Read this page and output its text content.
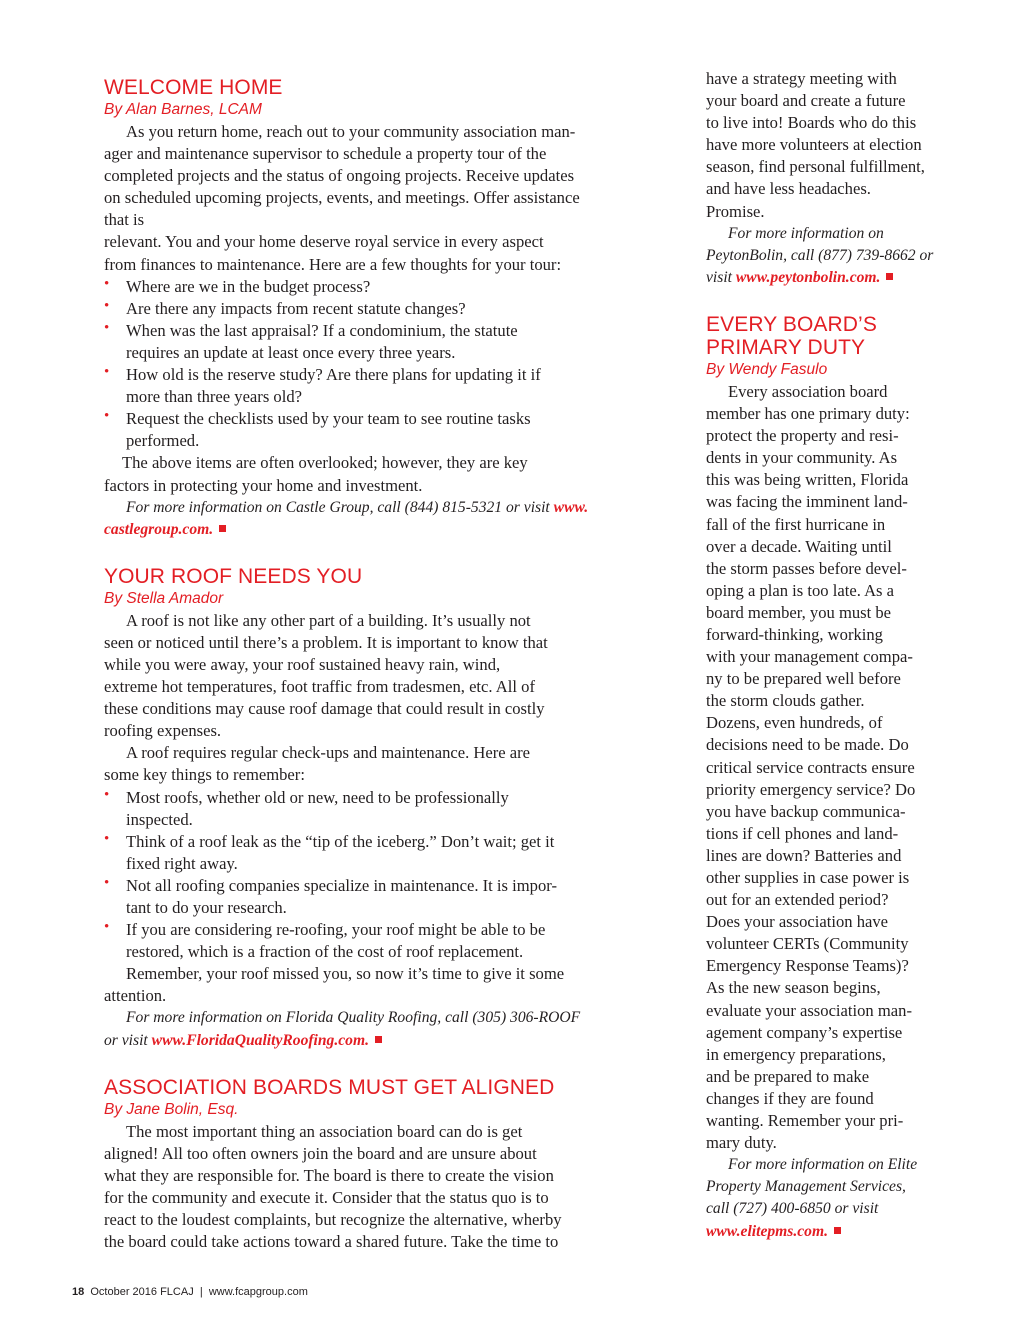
WELCOME HOME

By Alan Barnes, LCAM

As you return home, reach out to your community association man-

ager and maintenance supervisor to schedule a property tour of the

completed projects and the status of ongoing projects. Receive updates

on scheduled upcoming projects, events, and meetings. Offer assistance

that is

relevant. You and your home deserve royal service in every aspect

from finances to maintenance. Here are a few thoughts for your tour:

• Where are we in the budget process?

• Are there any impacts from recent statute changes?

• When was the last appraisal? If a condominium, the statute

requires an update at least once every three years.

• How old is the reserve study? Are there plans for updating it if

more than three years old?

• Request the checklists used by your team to see routine tasks

performed.

The above items are often overlooked; however, they are key

factors in protecting your home and investment.

For more information on Castle Group, call (844) 815-5321 or visit www.

castlegroup.com.

YOUR ROOF NEEDS YOU

By Stella Amador

A roof is not like any other part of a building. It’s usually not

seen or noticed until there’s a problem. It is important to know that

while you were away, your roof sustained heavy rain, wind,

extreme hot temperatures, foot traffic from tradesmen, etc. All of

these conditions may cause roof damage that could result in costly

roofing expenses.

A roof requires regular check-ups and maintenance. Here are

some key things to remember:

• Most roofs, whether old or new, need to be professionally

inspected.

• Think of a roof leak as the “tip of the iceberg.” Don’t wait; get it

fixed right away.

• Not all roofing companies specialize in maintenance. It is impor-

tant to do your research.

• If you are considering re-roofing, your roof might be able to be

restored, which is a fraction of the cost of roof replacement.

Remember, your roof missed you, so now it’s time to give it some

attention.

For more information on Florida Quality Roofing, call (305) 306-ROOF

or visit www.FloridaQualityRoofing.com.

ASSOCIATION BOARDS MUST GET ALIGNED

By Jane Bolin, Esq.

The most important thing an association board can do is get

aligned! All too often owners join the board and are unsure about

what they are responsible for. The board is there to create the vision

for the community and execute it. Consider that the status quo is to

react to the loudest complaints, but recognize the alternative, wherby

the board could take actions toward a shared future. Take the time to

have a strategy meeting with

your board and create a future

to live into! Boards who do this

have more volunteers at election

season, find personal fulfillment,

and have less headaches.

Promise.

For more information on

PeytonBolin, call (877) 739-8662 or

visit www.peytonbolin.com.

EVERY BOARD’S
PRIMARY DUTY

By Wendy Fasulo

Every association board

member has one primary duty:

protect the property and resi-

dents in your community. As

this was being written, Florida

was facing the imminent land-

fall of the first hurricane in

over a decade. Waiting until

the storm passes before devel-

oping a plan is too late. As a

board member, you must be

forward-thinking, working

with your management compa-

ny to be prepared well before

the storm clouds gather.

Dozens, even hundreds, of

decisions need to be made. Do

critical service contracts ensure

priority emergency service? Do

you have backup communica-

tions if cell phones and land-

lines are down? Batteries and

other supplies in case power is

out for an extended period?

Does your association have

volunteer CERTs (Community

Emergency Response Teams)?

As the new season begins,

evaluate your association man-

agement company’s expertise

in emergency preparations,

and be prepared to make

changes if they are found

wanting. Remember your pri-

mary duty.

For more information on Elite

Property Management Services,

call (727) 400-6850 or visit

www.elitepms.com.

18 October 2016 FLCAJ | www.fcapgroup.com
